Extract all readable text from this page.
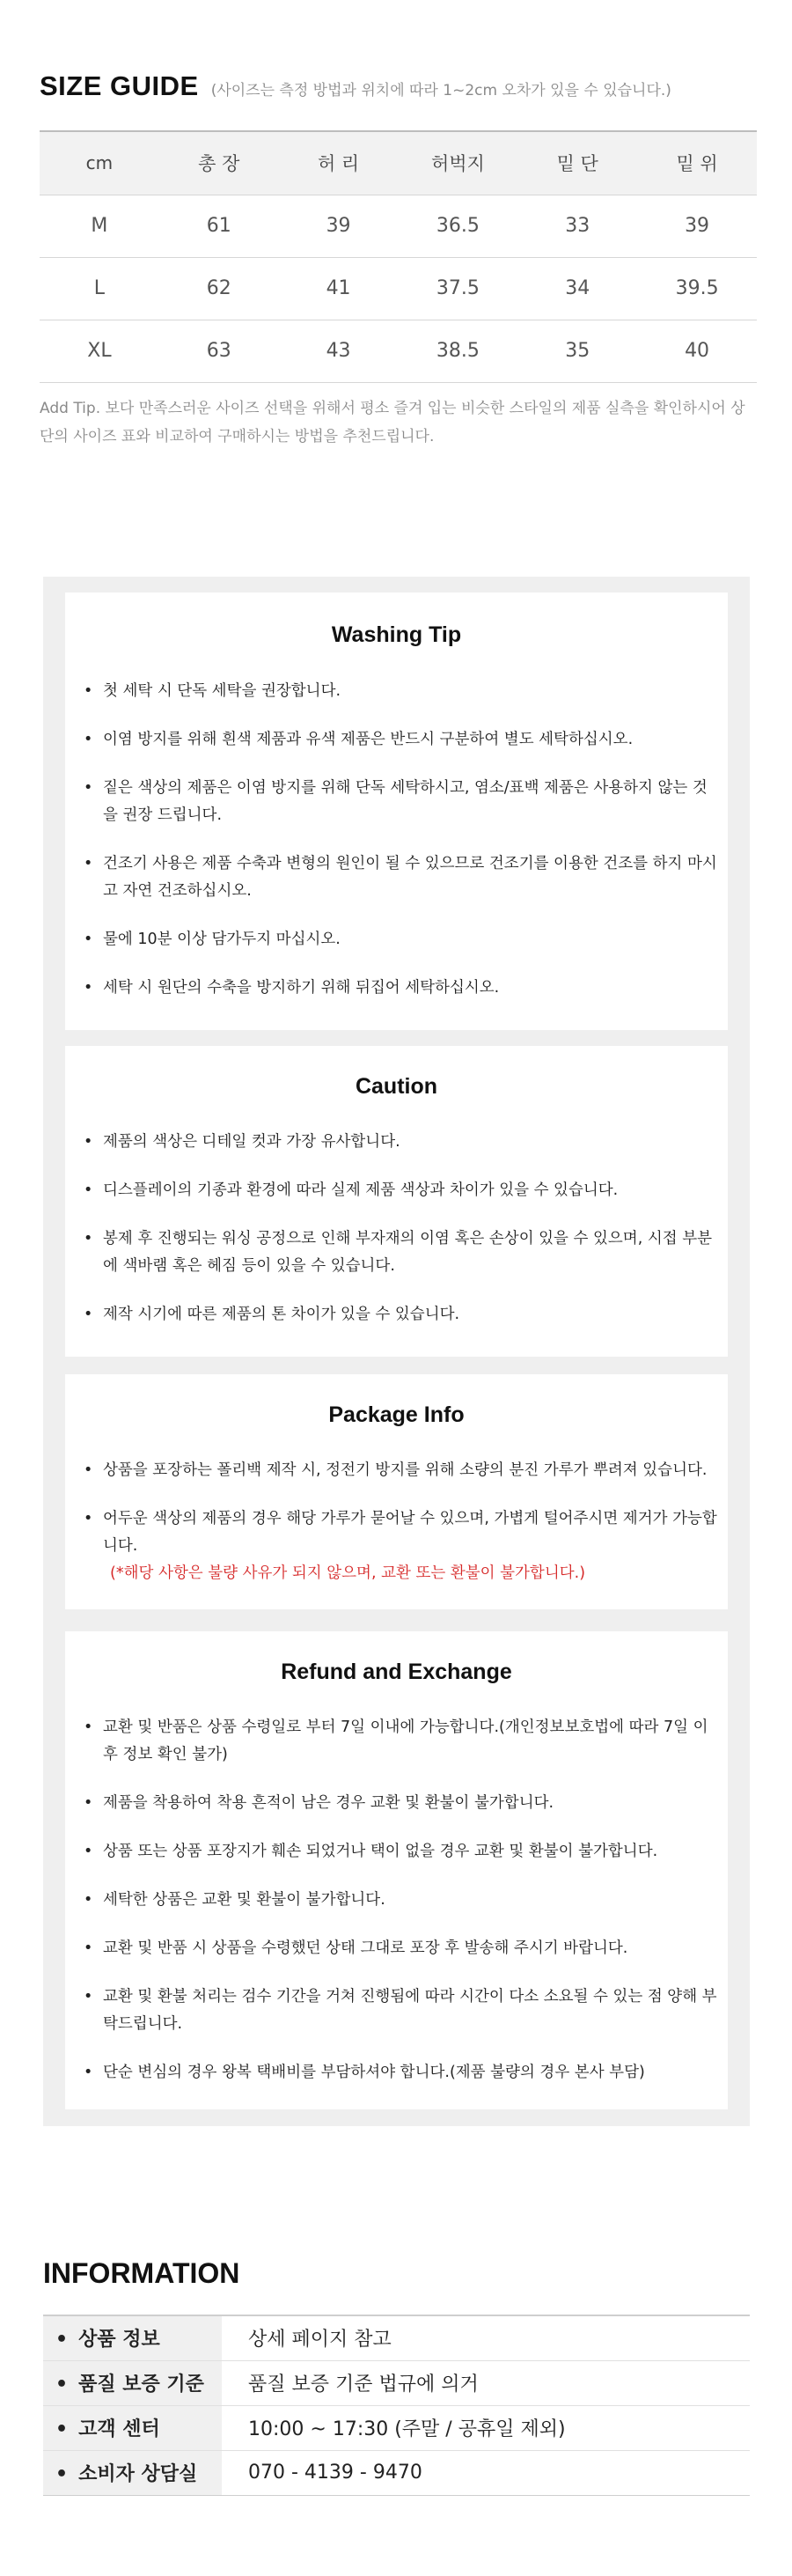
SIZE GUIDE (사이즈는 측정 방법과 위치에 따라 1~2cm 오차가 있을 수 있습니다.)
cm	총 장	허 리	허벅지	밑 단	밑 위
M	61	39	36.5	33	39
L	62	41	37.5	34	39.5
XL	63	43	38.5	35	40
Add Tip. 보다 만족스러운 사이즈 선택을 위해서 평소 즐겨 입는 비슷한 스타일의 제품 실측을 확인하시어 상단의 사이즈 표와 비교하여 구매하시는 방법을 추천드립니다.
Washing Tip
• 첫 세탁 시 단독 세탁을 권장합니다.
• 이염 방지를 위해 흰색 제품과 유색 제품은 반드시 구분하여 별도 세탁하십시오.
• 짙은 색상의 제품은 이염 방지를 위해 단독 세탁하시고, 염소/표백 제품은 사용하지 않는 것을 권장 드립니다.
• 건조기 사용은 제품 수축과 변형의 원인이 될 수 있으므로 건조기를 이용한 건조를 하지 마시고 자연 건조하십시오.
• 물에 10분 이상 담가두지 마십시오.
• 세탁 시 원단의 수축을 방지하기 위해 뒤집어 세탁하십시오.
Caution
• 제품의 색상은 디테일 컷과 가장 유사합니다.
• 디스플레이의 기종과 환경에 따라 실제 제품 색상과 차이가 있을 수 있습니다.
• 봉제 후 진행되는 워싱 공정으로 인해 부자재의 이염 혹은 손상이 있을 수 있으며, 시접 부분에 색바램 혹은 헤짐 등이 있을 수 있습니다.
• 제작 시기에 따른 제품의 톤 차이가 있을 수 있습니다.
Package Info
• 상품을 포장하는 폴리백 제작 시, 정전기 방지를 위해 소량의 분진 가루가 뿌려져 있습니다.
• 어두운 색상의 제품의 경우 해당 가루가 묻어날 수 있으며, 가볍게 털어주시면 제거가 가능합니다.
(*해당 사항은 불량 사유가 되지 않으며, 교환 또는 환불이 불가합니다.)
Refund and Exchange
• 교환 및 반품은 상품 수령일로 부터 7일 이내에 가능합니다.(개인정보보호법에 따라 7일 이후 정보 확인 불가)
• 제품을 착용하여 착용 흔적이 남은 경우 교환 및 환불이 불가합니다.
• 상품 또는 상품 포장지가 훼손 되었거나 택이 없을 경우 교환 및 환불이 불가합니다.
• 세탁한 상품은 교환 및 환불이 불가합니다.
• 교환 및 반품 시 상품을 수령했던 상태 그대로 포장 후 발송해 주시기 바랍니다.
• 교환 및 환불 처리는 검수 기간을 거쳐 진행됨에 따라 시간이 다소 소요될 수 있는 점 양해 부탁드립니다.
• 단순 변심의 경우 왕복 택배비를 부담하셔야 합니다.(제품 불량의 경우 본사 부담)
INFORMATION
• 상품 정보	상세 페이지 참고
• 품질 보증 기준	품질 보증 기준 법규에 의거
• 고객 센터	10:00 ~ 17:30 (주말 / 공휴일 제외)
• 소비자 상담실	070 - 4139 - 9470
